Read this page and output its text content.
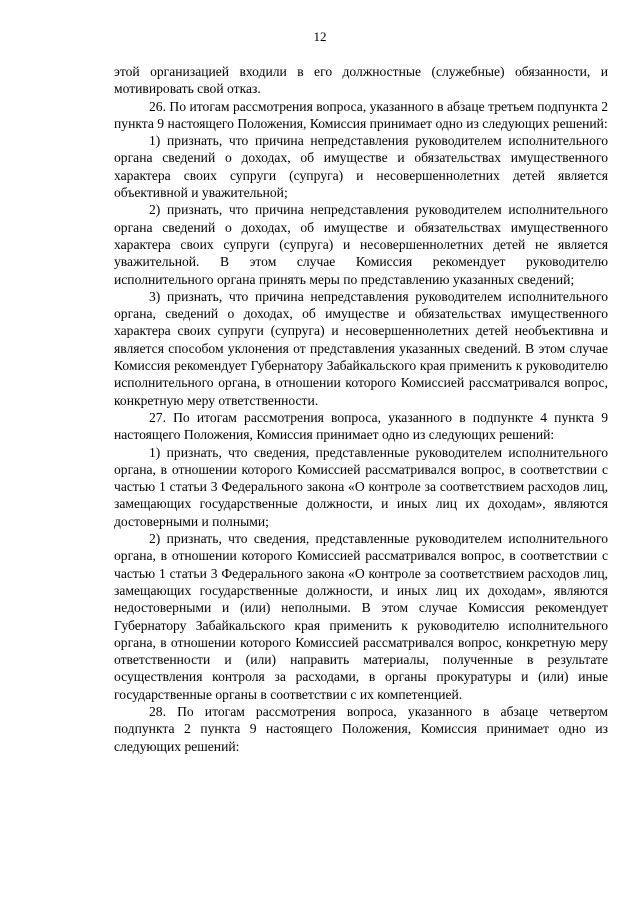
12

этой организацией входили в его должностные (служебные) обязанности, и мотивировать свой отказ.

26. По итогам рассмотрения вопроса, указанного в абзаце третьем подпункта 2 пункта 9 настоящего Положения, Комиссия принимает одно из следующих решений:

1) признать, что причина непредставления руководителем исполнительного органа сведений о доходах, об имуществе и обязательствах имущественного характера своих супруги (супруга) и несовершеннолетних детей является объективной и уважительной;

2) признать, что причина непредставления руководителем исполнительного органа сведений о доходах, об имуществе и обязательствах имущественного характера своих супруги (супруга) и несовершеннолетних детей не является уважительной. В этом случае Комиссия рекомендует руководителю исполнительного органа принять меры по представлению указанных сведений;

3) признать, что причина непредставления руководителем исполнительного органа, сведений о доходах, об имуществе и обязательствах имущественного характера своих супруги (супруга) и несовершеннолетних детей необъективна и является способом уклонения от представления указанных сведений. В этом случае Комиссия рекомендует Губернатору Забайкальского края применить к руководителю исполнительного органа, в отношении которого Комиссией рассматривался вопрос, конкретную меру ответственности.

27. По итогам рассмотрения вопроса, указанного в подпункте 4 пункта 9 настоящего Положения, Комиссия принимает одно из следующих решений:

1) признать, что сведения, представленные руководителем исполнительного органа, в отношении которого Комиссией рассматривался вопрос, в соответствии с частью 1 статьи 3 Федерального закона «О контроле за соответствием расходов лиц, замещающих государственные должности, и иных лиц их доходам», являются достоверными и полными;

2) признать, что сведения, представленные руководителем исполнительного органа, в отношении которого Комиссией рассматривался вопрос, в соответствии с частью 1 статьи 3 Федерального закона «О контроле за соответствием расходов лиц, замещающих государственные должности, и иных лиц их доходам», являются недостоверными и (или) неполными. В этом случае Комиссия рекомендует Губернатору Забайкальского края применить к руководителю исполнительного органа, в отношении которого Комиссией рассматривался вопрос, конкретную меру ответственности и (или) направить материалы, полученные в результате осуществления контроля за расходами, в органы прокуратуры и (или) иные государственные органы в соответствии с их компетенцией.

28. По итогам рассмотрения вопроса, указанного в абзаце четвертом подпункта 2 пункта 9 настоящего Положения, Комиссия принимает одно из следующих решений:
